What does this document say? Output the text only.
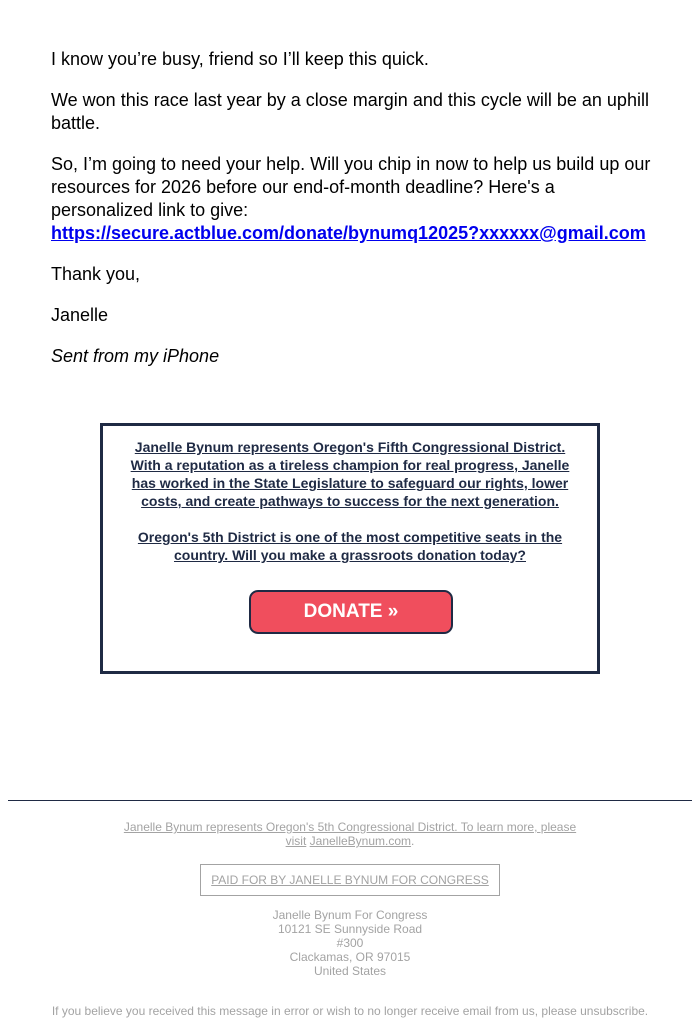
I know you’re busy, friend so I’ll keep this quick.

We won this race last year by a close margin and this cycle will be an uphill battle.

So, I’m going to need your help. Will you chip in now to help us build up our resources for 2026 before our end-of-month deadline? Here's a personalized link to give:
https://secure.actblue.com/donate/bynumq12025?xxxxxx@gmail.com

Thank you,

Janelle

Sent from my iPhone

Janelle Bynum represents Oregon's Fifth Congressional District. With a reputation as a tireless champion for real progress, Janelle has worked in the State Legislature to safeguard our rights, lower costs, and create pathways to success for the next generation.
Oregon's 5th District is one of the most competitive seats in the country. Will you make a grassroots donation today?
DONATE »
Janelle Bynum represents Oregon's 5th Congressional District. To learn more, please visit JanelleBynum.com.
PAID FOR BY JANELLE BYNUM FOR CONGRESS
Janelle Bynum For Congress
10121 SE Sunnyside Road
#300
Clackamas, OR 97015
United States
If you believe you received this message in error or wish to no longer receive email from us, please unsubscribe.
